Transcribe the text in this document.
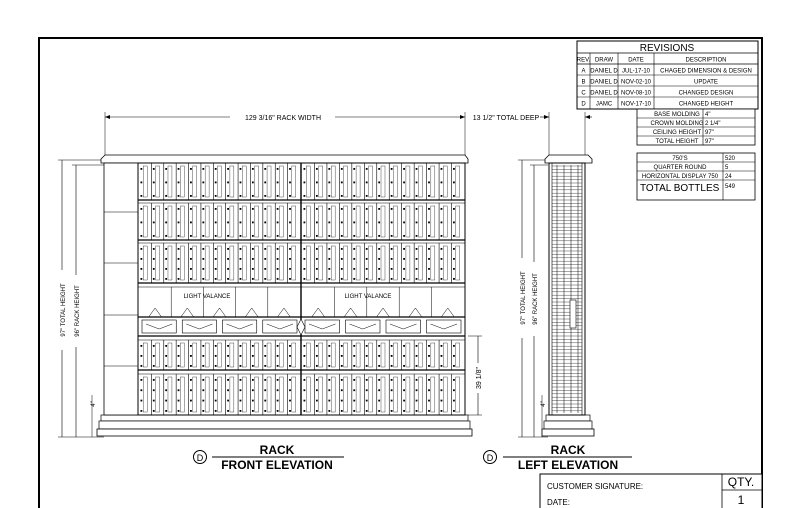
REVISIONS
REV. DRAW	DATE	DESCRIPTION
A DANIEL D JUL-17-10 CHAGED DIMENSION & DESIGN
B DANIEL D NOV-02-10	UPDATE
C DANIEL D NOV-08-10	CHANGED DESIGN
D JAMC NOV-17-10	CHANGED HEIGHT
BASE MOLDING 4"
CROWN MOLDING 2 1/4"
CEILING HEIGHT 97"
TOTAL HEIGHT 97"
750'S	520
QUARTER ROUND	5
HORIZONTAL DISPLAY 750 24
TOTAL BOTTLES 549
129 3/16" RACK WIDTH
97" TOTAL HEIGHT 96" RACK HEIGHT
4"
LIGHT VALANCE	LIGHT VALANCE
39 1/8"
D
RACK
FRONT ELEVATION
13 1/2" TOTAL DEEP
97" TOTAL HEIGHT 96" RACK HEIGHT
4"
D
RACK
LEFT ELEVATION
CUSTOMER SIGNATURE:
DATE:
QTY.
1
